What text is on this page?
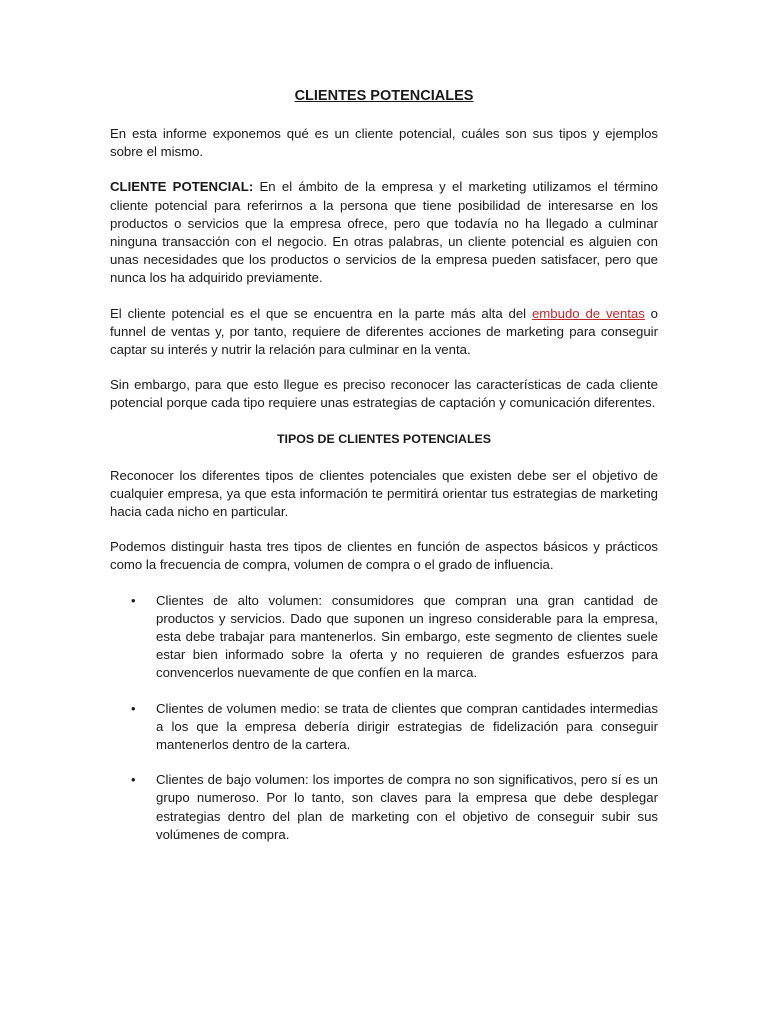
CLIENTES POTENCIALES

En esta informe exponemos qué es un cliente potencial, cuáles son sus tipos y ejemplos sobre el mismo.

CLIENTE POTENCIAL: En el ámbito de la empresa y el marketing utilizamos el término cliente potencial para referirnos a la persona que tiene posibilidad de interesarse en los productos o servicios que la empresa ofrece, pero que todavía no ha llegado a culminar ninguna transacción con el negocio. En otras palabras, un cliente potencial es alguien con unas necesidades que los productos o servicios de la empresa pueden satisfacer, pero que nunca los ha adquirido previamente.

El cliente potencial es el que se encuentra en la parte más alta del embudo de ventas o funnel de ventas y, por tanto, requiere de diferentes acciones de marketing para conseguir captar su interés y nutrir la relación para culminar en la venta.

Sin embargo, para que esto llegue es preciso reconocer las características de cada cliente potencial porque cada tipo requiere unas estrategias de captación y comunicación diferentes.

TIPOS DE CLIENTES POTENCIALES

Reconocer los diferentes tipos de clientes potenciales que existen debe ser el objetivo de cualquier empresa, ya que esta información te permitirá orientar tus estrategias de marketing hacia cada nicho en particular.

Podemos distinguir hasta tres tipos de clientes en función de aspectos básicos y prácticos como la frecuencia de compra, volumen de compra o el grado de influencia.

• Clientes de alto volumen: consumidores que compran una gran cantidad de productos y servicios. Dado que suponen un ingreso considerable para la empresa, esta debe trabajar para mantenerlos. Sin embargo, este segmento de clientes suele estar bien informado sobre la oferta y no requieren de grandes esfuerzos para convencerlos nuevamente de que confíen en la marca.
• Clientes de volumen medio: se trata de clientes que compran cantidades intermedias a los que la empresa debería dirigir estrategias de fidelización para conseguir mantenerlos dentro de la cartera.
• Clientes de bajo volumen: los importes de compra no son significativos, pero sí es un grupo numeroso. Por lo tanto, son claves para la empresa que debe desplegar estrategias dentro del plan de marketing con el objetivo de conseguir subir sus volúmenes de compra.
